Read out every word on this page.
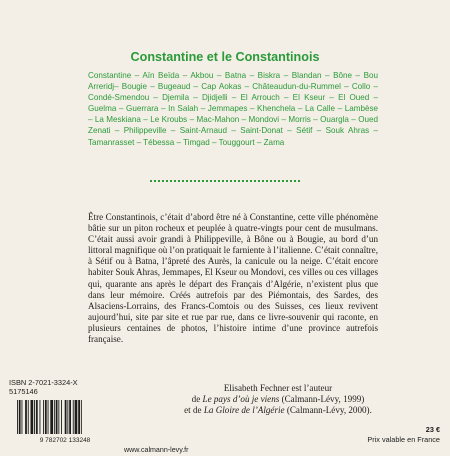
Constantine et le Constantinois
Constantine – Aïn Beïda – Akbou – Batna – Biskra – Blandan – Bône – Bou Arreridj– Bougie – Bugeaud – Cap Aokas – Châteaudun-du-Rummel – Collo – Condé-Smendou – Djemila – Djidjelli – El Arrouch – El Kseur – El Oued – Guelma – Guerrara – In Salah – Jemmapes – Khenchela – La Calle – Lambèse – La Meskiana – Le Kroubs – Mac-Mahon – Mondovi – Morris – Ouargla – Oued Zenati – Philippeville – Saint-Arnaud – Saint-Donat – Sétif – Souk Ahras – Tamanrasset – Tébessa – Timgad – Touggourt – Zama

Être Constantinois, c’était d’abord être né à Constantine, cette ville phénomène bâtie sur un piton rocheux et peuplée à quatre-vingts pour cent de musulmans. C’était aussi avoir grandi à Philippeville, à Bône ou à Bougie, au bord d’un littoral magnifique où l’on pratiquait le farniente à l’italienne. C’était connaître, à Sétif ou à Batna, l’âpreté des Aurès, la canicule ou la neige. C’était encore habiter Souk Ahras, Jemmapes, El Kseur ou Mondovi, ces villes ou ces villages qui, quarante ans après le départ des Français d’Algérie, n’existent plus que dans leur mémoire. Créés autrefois par des Piémontais, des Sardes, des Alsaciens-Lorrains, des Francs-Comtois ou des Suisses, ces lieux revivent aujourd’hui, site par site et rue par rue, dans ce livre-souvenir qui raconte, en plusieurs centaines de photos, l’histoire intime d’une province autrefois française.

ISBN 2-7021-3324-X
5175146
9 782702 133248
www.calmann-levy.fr

Elisabeth Fechner est l’auteur

de Le pays d’où je viens (Calmann-Lévy, 1999)

et de La Gloire de l’Algérie (Calmann-Lévy, 2000).

23 €
Prix valable en France
